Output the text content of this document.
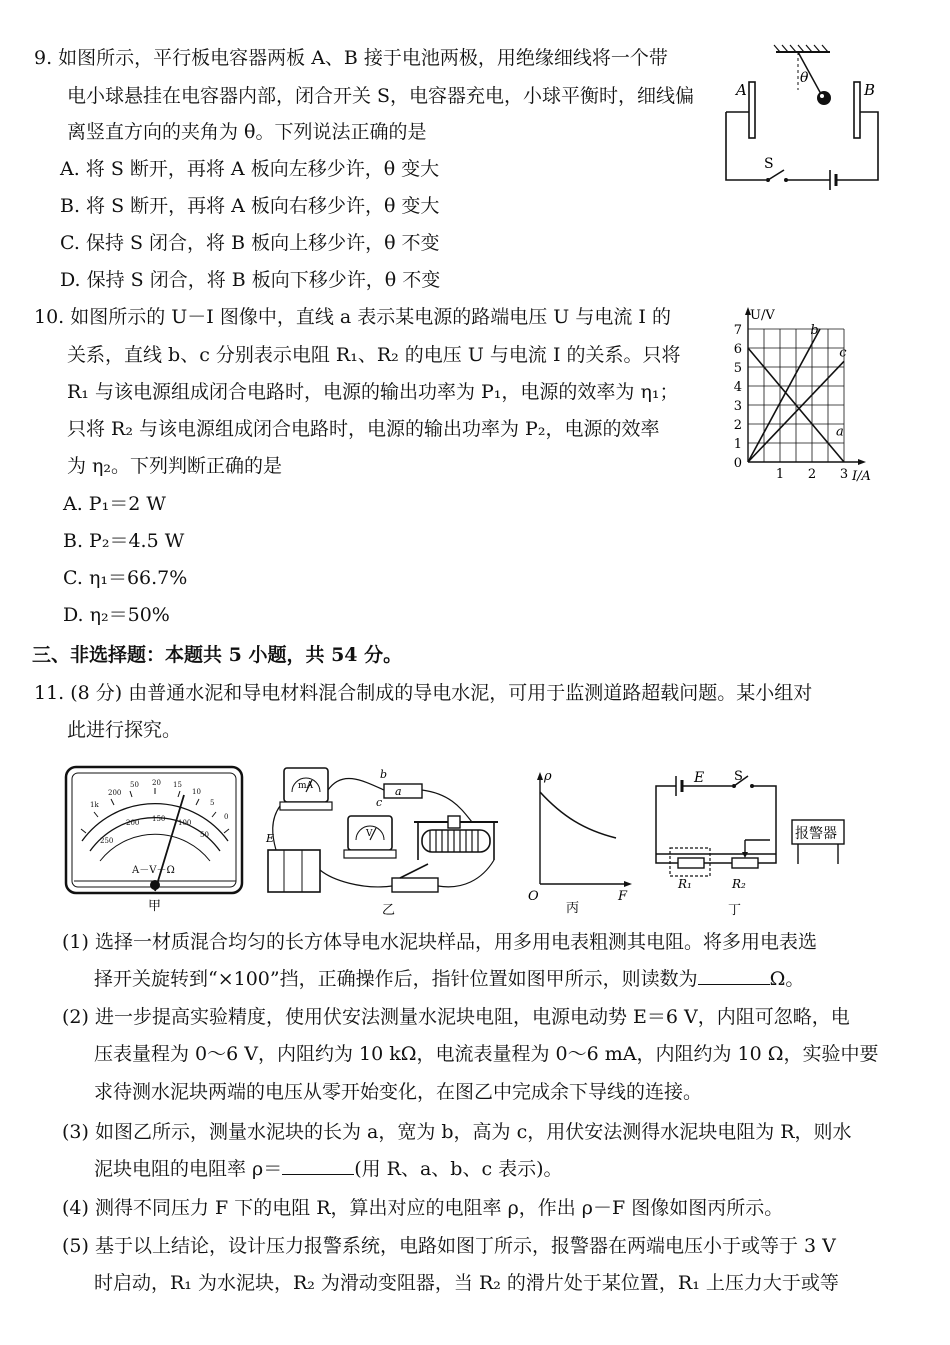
9. 如图所示，平行板电容器两板 A、B 接于电池两极，用绝缘细线将一个带
电小球悬挂在电容器内部，闭合开关 S，电容器充电，小球平衡时，细线偏
离竖直方向的夹角为 θ。下列说法正确的是
A. 将 S 断开，再将 A 板向左移少许，θ 变大
B. 将 S 断开，再将 A 板向右移少许，θ 变大
C. 保持 S 闭合，将 B 板向上移少许，θ 不变
D. 保持 S 闭合，将 B 板向下移少许，θ 不变
θ
A	B
S
10. 如图所示的 U－I 图像中，直线 a 表示某电源的路端电压 U 与电流 I 的
关系，直线 b、c 分别表示电阻 R₁、R₂ 的电压 U 与电流 I 的关系。只将
R₁ 与该电源组成闭合电路时，电源的输出功率为 P₁，电源的效率为 η₁；
只将 R₂ 与该电源组成闭合电路时，电源的输出功率为 P₂，电源的效率
为 η₂。下列判断正确的是
A. P₁＝2 W
B. P₂＝4.5 W
C. η₁＝66.7%
D. η₂＝50%
0
1
2
3
4
5
6
7
1 2 3
U/V
I/A
a
b
c
三、非选择题：本题共 5 小题，共 54 分。
11. (8 分) 由普通水泥和导电材料混合制成的导电水泥，可用于监测道路超载问题。某小组对
此进行探究。
1k
200
50 20 15
10
5
0
250
200 150 100
50
A－V－Ω
甲
mA
V
a
b
c
E
乙
ρ
F
O
丙
E S
R₁	R₂
报警器
丁
(1) 选择一材质混合均匀的长方体导电水泥块样品，用多用电表粗测其电阻。将多用电表选
择开关旋转到“×100”挡，正确操作后，指针位置如图甲所示，则读数为	Ω。
(2) 进一步提高实验精度，使用伏安法测量水泥块电阻，电源电动势 E＝6 V，内阻可忽略，电
压表量程为 0～6 V，内阻约为 10 kΩ，电流表量程为 0～6 mA，内阻约为 10 Ω，实验中要
求待测水泥块两端的电压从零开始变化，在图乙中完成余下导线的连接。
(3) 如图乙所示，测量水泥块的长为 a，宽为 b，高为 c，用伏安法测得水泥块电阻为 R，则水
泥块电阻的电阻率 ρ＝	(用 R、a、b、c 表示)。
(4) 测得不同压力 F 下的电阻 R，算出对应的电阻率 ρ，作出 ρ－F 图像如图丙所示。
(5) 基于以上结论，设计压力报警系统，电路如图丁所示，报警器在两端电压小于或等于 3 V
时启动，R₁ 为水泥块，R₂ 为滑动变阻器，当 R₂ 的滑片处于某位置，R₁ 上压力大于或等
